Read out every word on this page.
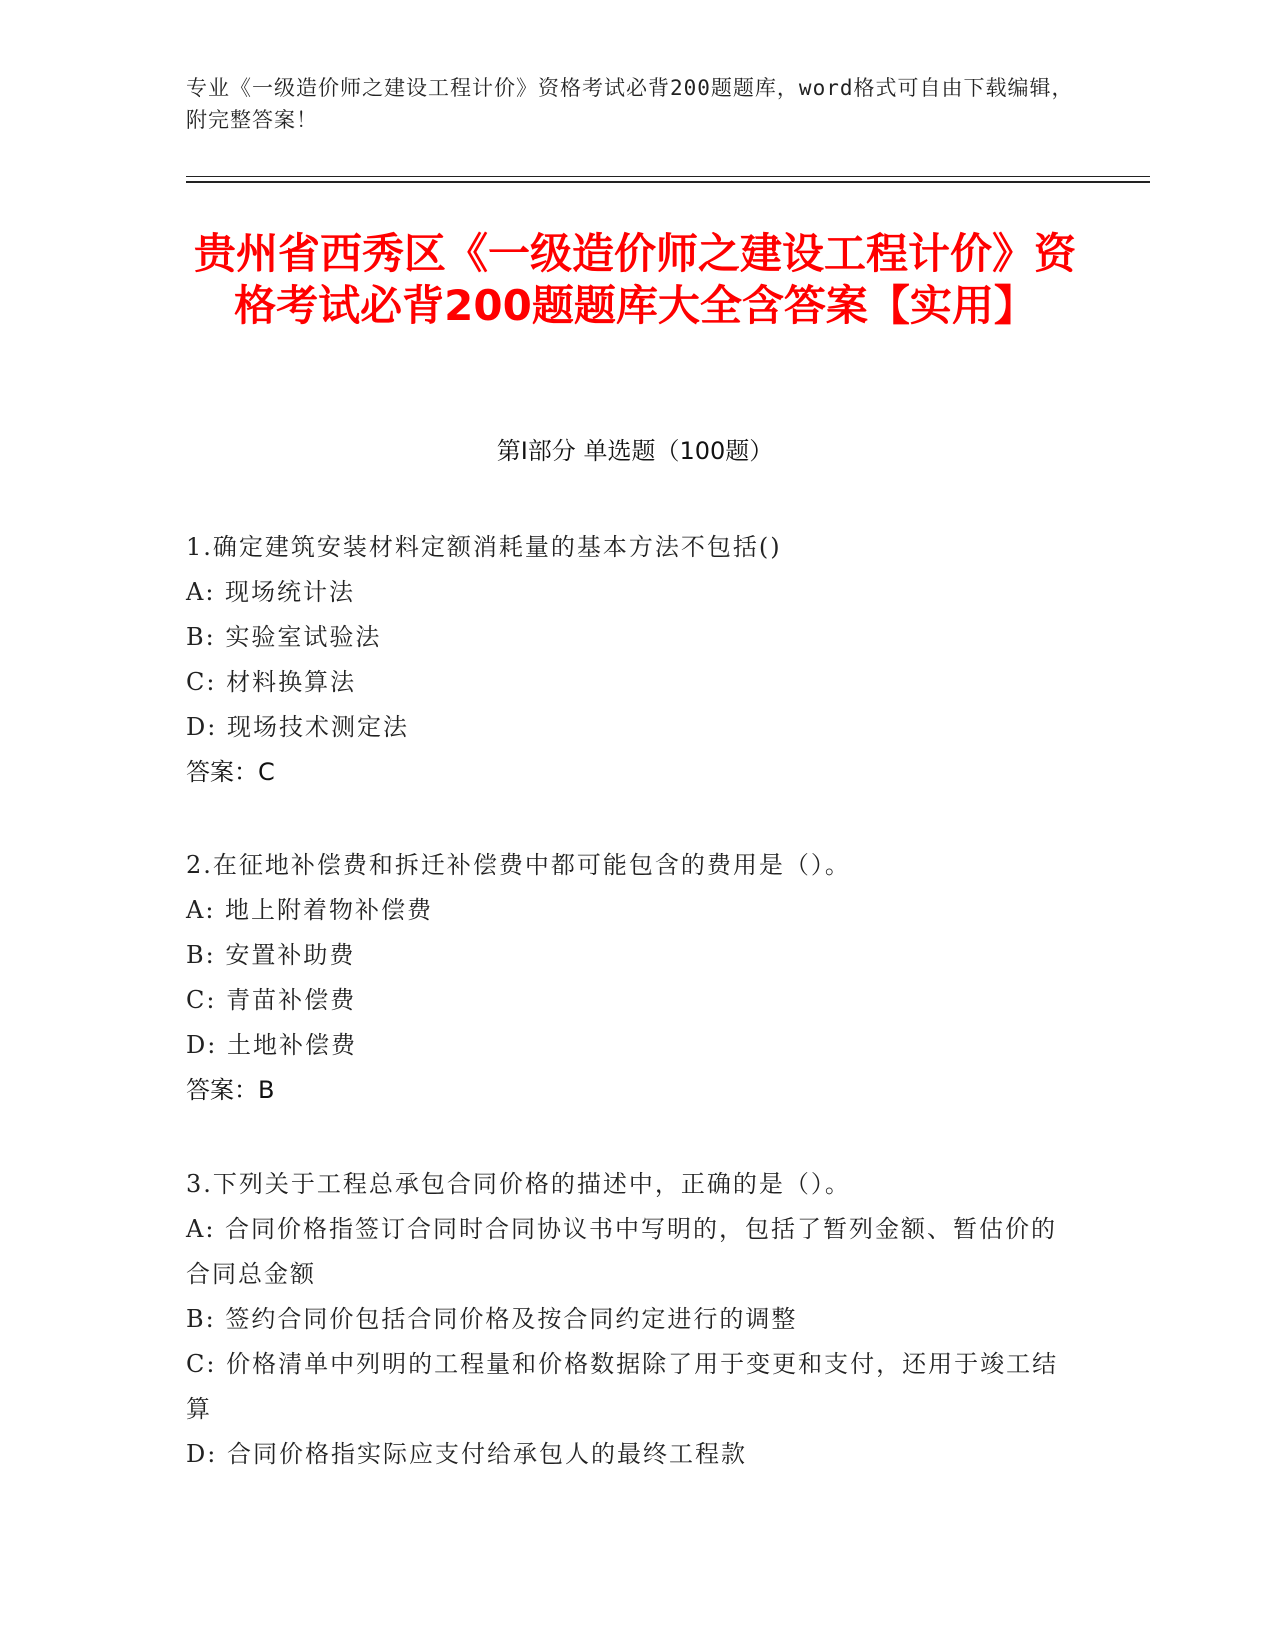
专业《一级造价师之建设工程计价》资格考试必背200题题库，word格式可自由下载编辑，附完整答案！
贵州省西秀区《一级造价师之建设工程计价》资格考试必背200题题库大全含答案【实用】
第I部分 单选题（100题）
1.确定建筑安装材料定额消耗量的基本方法不包括()
A: 现场统计法
B: 实验室试验法
C: 材料换算法
D: 现场技术测定法
答案：C
2.在征地补偿费和拆迁补偿费中都可能包含的费用是（）。
A: 地上附着物补偿费
B: 安置补助费
C: 青苗补偿费
D: 土地补偿费
答案：B
3.下列关于工程总承包合同价格的描述中，正确的是（）。
A: 合同价格指签订合同时合同协议书中写明的，包括了暂列金额、暂估价的合同总金额
B: 签约合同价包括合同价格及按合同约定进行的调整
C: 价格清单中列明的工程量和价格数据除了用于变更和支付，还用于竣工结算
D: 合同价格指实际应支付给承包人的最终工程款
